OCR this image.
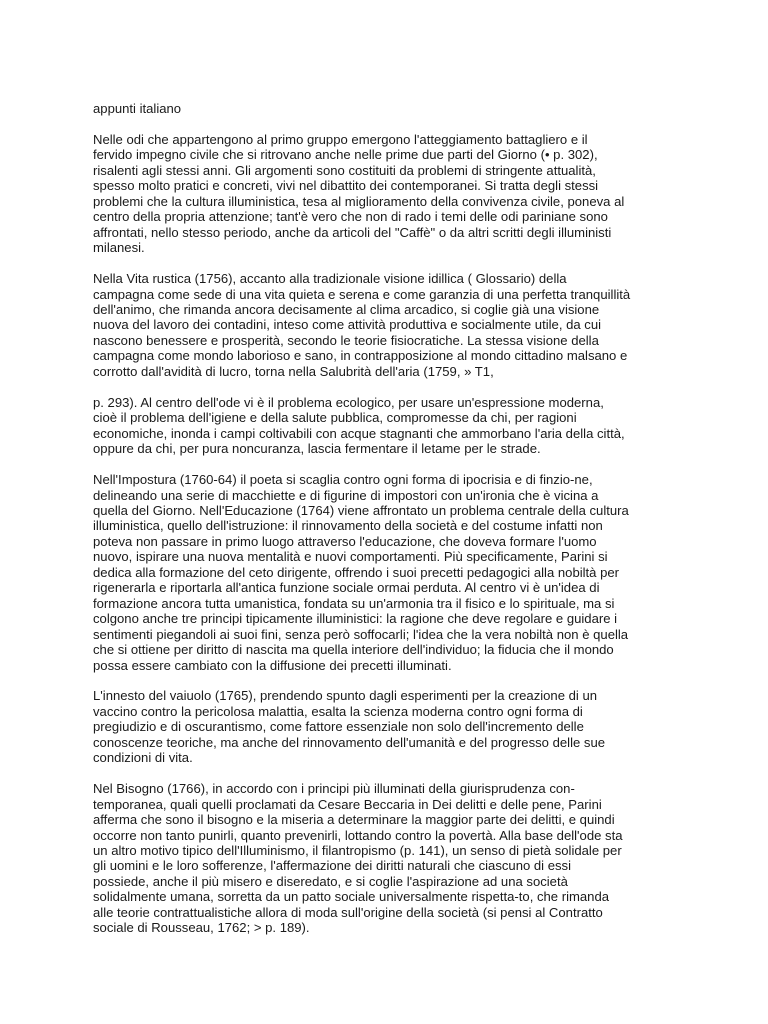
appunti italiano
Nelle odi che appartengono al primo gruppo emergono l'atteggiamento battagliero e il
fervido impegno civile che si ritrovano anche nelle prime due parti del Giorno (• p. 302),
risalenti agli stessi anni. Gli argomenti sono costituiti da problemi di stringente attualità,
spesso molto pratici e concreti, vivi nel dibattito dei contemporanei. Si tratta degli stessi
problemi che la cultura illuministica, tesa al miglioramento della convivenza civile, poneva al
centro della propria attenzione; tant'è vero che non di rado i temi delle odi pariniane sono
affrontati, nello stesso periodo, anche da articoli del "Caffè" o da altri scritti degli illuministi
milanesi.
Nella Vita rustica (1756), accanto alla tradizionale visione idillica ( Glossario) della
campagna come sede di una vita quieta e serena e come garanzia di una perfetta tranquillità
dell'animo, che rimanda ancora decisamente al clima arcadico, si coglie già una visione
nuova del lavoro dei contadini, inteso come attività produttiva e socialmente utile, da cui
nascono benessere e prosperità, secondo le teorie fisiocratiche. La stessa visione della
campagna come mondo laborioso e sano, in contrapposizione al mondo cittadino malsano e
corrotto dall'avidità di lucro, torna nella Salubrità dell'aria (1759, » T1,
p. 293). Al centro dell'ode vi è il problema ecologico, per usare un'espressione moderna,
cioè il problema dell'igiene e della salute pubblica, compromesse da chi, per ragioni
economiche, inonda i campi coltivabili con acque stagnanti che ammorbano l'aria della città,
oppure da chi, per pura noncuranza, lascia fermentare il letame per le strade.
Nell'Impostura (1760-64) il poeta si scaglia contro ogni forma di ipocrisia e di finzio-ne,
delineando una serie di macchiette e di figurine di impostori con un'ironia che è vicina a
quella del Giorno. Nell'Educazione (1764) viene affrontato un problema centrale della cultura
illuministica, quello dell'istruzione: il rinnovamento della società e del costume infatti non
poteva non passare in primo luogo attraverso l'educazione, che doveva formare l'uomo
nuovo, ispirare una nuova mentalità e nuovi comportamenti. Più specificamente, Parini si
dedica alla formazione del ceto dirigente, offrendo i suoi precetti pedagogici alla nobiltà per
rigenerarla e riportarla all'antica funzione sociale ormai perduta. Al centro vi è un'idea di
formazione ancora tutta umanistica, fondata su un'armonia tra il fisico e lo spirituale, ma si
colgono anche tre principi tipicamente illuministici: la ragione che deve regolare e guidare i
sentimenti piegandoli ai suoi fini, senza però soffocarli; l'idea che la vera nobiltà non è quella
che si ottiene per diritto di nascita ma quella interiore dell'individuo; la fiducia che il mondo
possa essere cambiato con la diffusione dei precetti illuminati.
L'innesto del vaiuolo (1765), prendendo spunto dagli esperimenti per la creazione di un
vaccino contro la pericolosa malattia, esalta la scienza moderna contro ogni forma di
pregiudizio e di oscurantismo, come fattore essenziale non solo dell'incremento delle
conoscenze teoriche, ma anche del rinnovamento dell'umanità e del progresso delle sue
condizioni di vita.
Nel Bisogno (1766), in accordo con i principi più illuminati della giurisprudenza con-
temporanea, quali quelli proclamati da Cesare Beccaria in Dei delitti e delle pene, Parini
afferma che sono il bisogno e la miseria a determinare la maggior parte dei delitti, e quindi
occorre non tanto punirli, quanto prevenirli, lottando contro la povertà. Alla base dell'ode sta
un altro motivo tipico dell'Illuminismo, il filantropismo (p. 141), un senso di pietà solidale per
gli uomini e le loro sofferenze, l'affermazione dei diritti naturali che ciascuno di essi
possiede, anche il più misero e diseredato, e si coglie l'aspirazione ad una società
solidalmente umana, sorretta da un patto sociale universalmente rispetta-to, che rimanda
alle teorie contrattualistiche allora di moda sull'origine della società (si pensi al Contratto
sociale di Rousseau, 1762; > p. 189).
